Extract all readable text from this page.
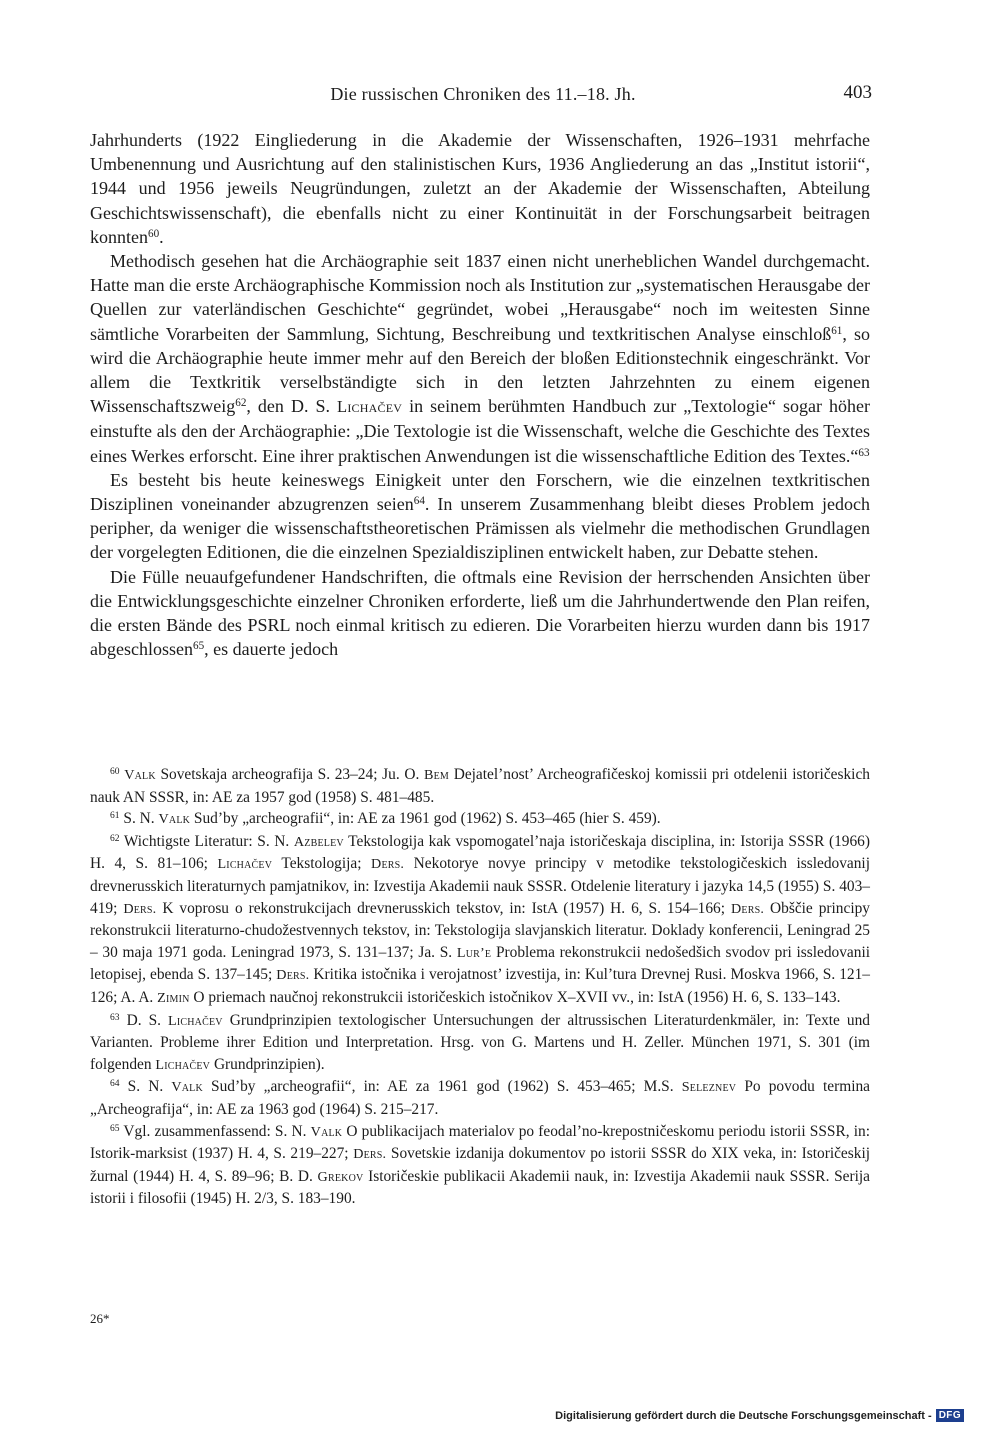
Die russischen Chroniken des 11.–18. Jh.	403

Jahrhunderts (1922 Eingliederung in die Akademie der Wissenschaften, 1926–1931 mehrfache Umbenennung und Ausrichtung auf den stalinistischen Kurs, 1936 Angliederung an das „Institut istorii“, 1944 und 1956 jeweils Neugründungen, zuletzt an der Akademie der Wissenschaften, Abteilung Geschichtswissenschaft), die ebenfalls nicht zu einer Kontinuität in der Forschungsarbeit beitragen konnten$^{60}$.

Methodisch gesehen hat die Archäographie seit 1837 einen nicht unerheblichen Wandel durchgemacht. Hatte man die erste Archäographische Kommission noch als Institution zur „systematischen Herausgabe der Quellen zur vaterländischen Geschichte“ gegründet, wobei „Herausgabe“ noch im weitesten Sinne sämtliche Vorarbeiten der Sammlung, Sichtung, Beschreibung und textkritischen Analyse einschloß$^{61}$, so wird die Archäographie heute immer mehr auf den Bereich der bloßen Editionstechnik eingeschränkt. Vor allem die Textkritik verselbständigte sich in den letzten Jahrzehnten zu einem eigenen Wissenschaftszweig$^{62}$, den D. S. Lichačev in seinem berühmten Handbuch zur „Textologie“ sogar höher einstufte als den der Archäographie: „Die Textologie ist die Wissenschaft, welche die Geschichte des Textes eines Werkes erforscht. Eine ihrer praktischen Anwendungen ist die wissenschaftliche Edition des Textes.“$^{63}$

Es besteht bis heute keineswegs Einigkeit unter den Forschern, wie die einzelnen textkritischen Disziplinen voneinander abzugrenzen seien$^{64}$. In unserem Zusammenhang bleibt dieses Problem jedoch peripher, da weniger die wissenschaftstheoretischen Prämissen als vielmehr die methodischen Grundlagen der vorgelegten Editionen, die die einzelnen Spezialdisziplinen entwickelt haben, zur Debatte stehen.

Die Fülle neuaufgefundener Handschriften, die oftmals eine Revision der herrschenden Ansichten über die Entwicklungsgeschichte einzelner Chroniken erforderte, ließ um die Jahrhundertwende den Plan reifen, die ersten Bände des PSRL noch einmal kritisch zu edieren. Die Vorarbeiten hierzu wurden dann bis 1917 abgeschlossen$^{65}$, es dauerte jedoch

$^{60}$ Valk Sovetskaja archeografija S. 23–24; Ju. O. Bem Dejatel’nost’ Archeografičeskoj komissii pri otdelenii istoričeskich nauk AN SSSR, in: AE za 1957 god (1958) S. 481–485.

$^{61}$ S. N. Valk Sud’by „archeografii“, in: AE za 1961 god (1962) S. 453–465 (hier S. 459).

$^{62}$ Wichtigste Literatur: S. N. Azbelev Tekstologija kak vspomogatel’naja istoričeskaja disciplina, in: Istorija SSSR (1966) H. 4, S. 81–106; Lichačev Tekstologija; Ders. Nekotorye novye principy v metodike tekstologičeskich issledovanij drevnerusskich literaturnych pamjatnikov, in: Izvestija Akademii nauk SSSR. Otdelenie literatury i jazyka 14,5 (1955) S. 403–419; Ders. K voprosu o rekonstrukcijach drevnerusskich tekstov, in: IstA (1957) H. 6, S. 154–166; Ders. Obščie principy rekonstrukcii literaturno-chudožestvennych tekstov, in: Tekstologija slavjanskich literatur. Doklady konferencii, Leningrad 25 – 30 maja 1971 goda. Leningrad 1973, S. 131–137; Ja. S. Lur’e Problema rekonstrukcii nedošedšich svodov pri issledovanii letopisej, ebenda S. 137–145; Ders. Kritika istočnika i verojatnost’ izvestija, in: Kul’tura Drevnej Rusi. Moskva 1966, S. 121–126; A. A. Zimin O priemach naučnoj rekonstrukcii istoričeskich istočnikov X–XVII vv., in: IstA (1956) H. 6, S. 133–143.

$^{63}$ D. S. Lichačev Grundprinzipien textologischer Untersuchungen der altrussischen Literaturdenkmäler, in: Texte und Varianten. Probleme ihrer Edition und Interpretation. Hrsg. von G. Martens und H. Zeller. München 1971, S. 301 (im folgenden Lichačev Grundprinzipien).

$^{64}$ S. N. Valk Sud’by „archeografii“, in: AE za 1961 god (1962) S. 453–465; M.S. Seleznev Po povodu termina „Archeografija“, in: AE za 1963 god (1964) S. 215–217.

$^{65}$ Vgl. zusammenfassend: S. N. Valk O publikacijach materialov po feodal’no-krepostničeskomu periodu istorii SSSR, in: Istorik-marksist (1937) H. 4, S. 219–227; Ders. Sovetskie izdanija dokumentov po istorii SSSR do XIX veka, in: Istoričeskij žurnal (1944) H. 4, S. 89–96; B. D. Grekov Istoričeskie publikacii Akademii nauk, in: Izvestija Akademii nauk SSSR. Serija istorii i filosofii (1945) H. 2/3, S. 183–190.

26*
Digitalisierung gefördert durch die Deutsche Forschungsgemeinschaft - DFG
